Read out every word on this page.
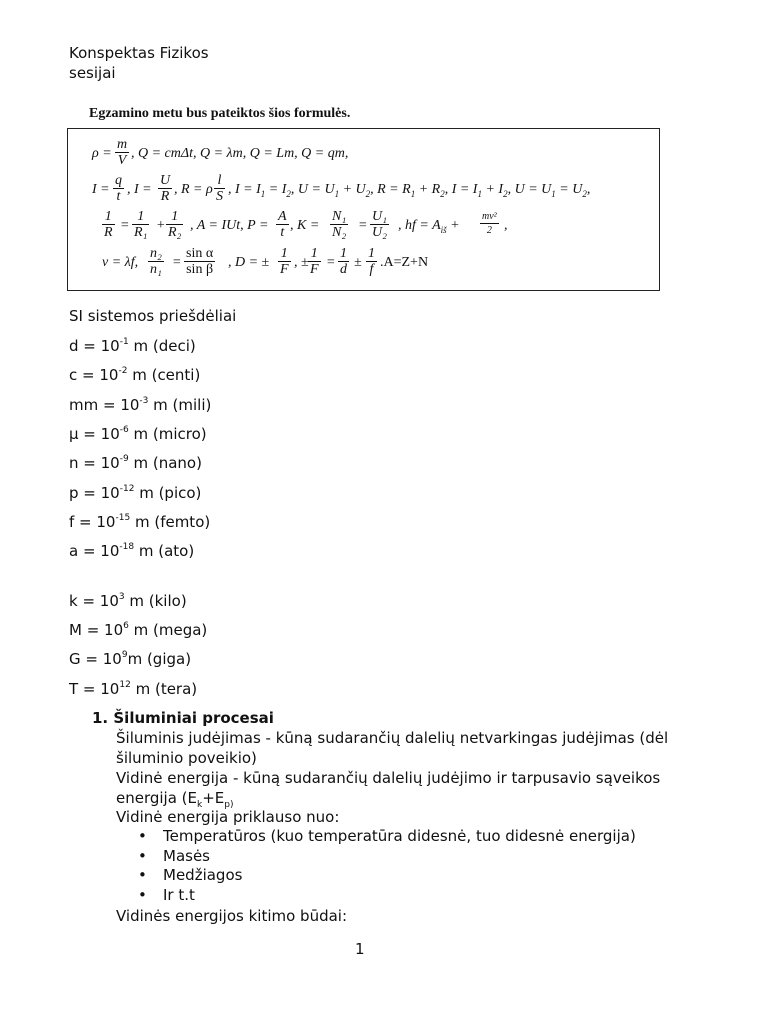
Konspektas Fizikos
sesijai
Egzamino metu bus pateiktos šios formulės.
ρ =
m
V , Q = cmΔt, Q = λm, Q = Lm, Q = qm,
I =
q
t , I =
U
R , R = ρ
l
S , $I = I_1 = I_2$, $U = U_1 + U_2$, $R = R_1 + R_2$, $I = I_1 + I_2$, $U = U_1 = U_2$,
1
R =
1
R₁ +
1
R₂ , A = IUt, P =
A
t , K =
N₁
N₂ =
U₁
U₂ , hf = $A_{iš}$ +
mv²
2 ,
v = λf,
n₂
n₁ =
sin α
sin β , D = ±
1
F , ±
1
F =
1
d ±
1
f .A=Z+N
SI sistemos priešdėliai
$d = 10^{-1}$ m (deci)
$c = 10^{-2}$ m (centi)
mm = $10^{-3}$ m (mili)
$\mu = 10^{-6}$ m (micro)
$n = 10^{-9}$ m (nano)
$p = 10^{-12}$ m (pico)
$f = 10^{-15}$ m (femto)
$a = 10^{-18}$ m (ato)
$k = 10^3$ m (kilo)
$M = 10^6$ m (mega)
$G = 10^9m$ (giga)
$T = 10^{12}$ m (tera)
1. Šiluminiai procesai
Šiluminis judėjimas - kūną sudarančių dalelių netvarkingas judėjimas (dėl
šiluminio poveikio)
Vidinė energija - kūną sudarančių dalelių judėjimo ir tarpusavio sąveikos
energija ($E_k+E_{p)}$
Vidinė energija priklauso nuo:
• Temperatūros (kuo temperatūra didesnė, tuo didesnė energija)
• Masės
• Medžiagos
• Ir t.t
Vidinės energijos kitimo būdai:
1
